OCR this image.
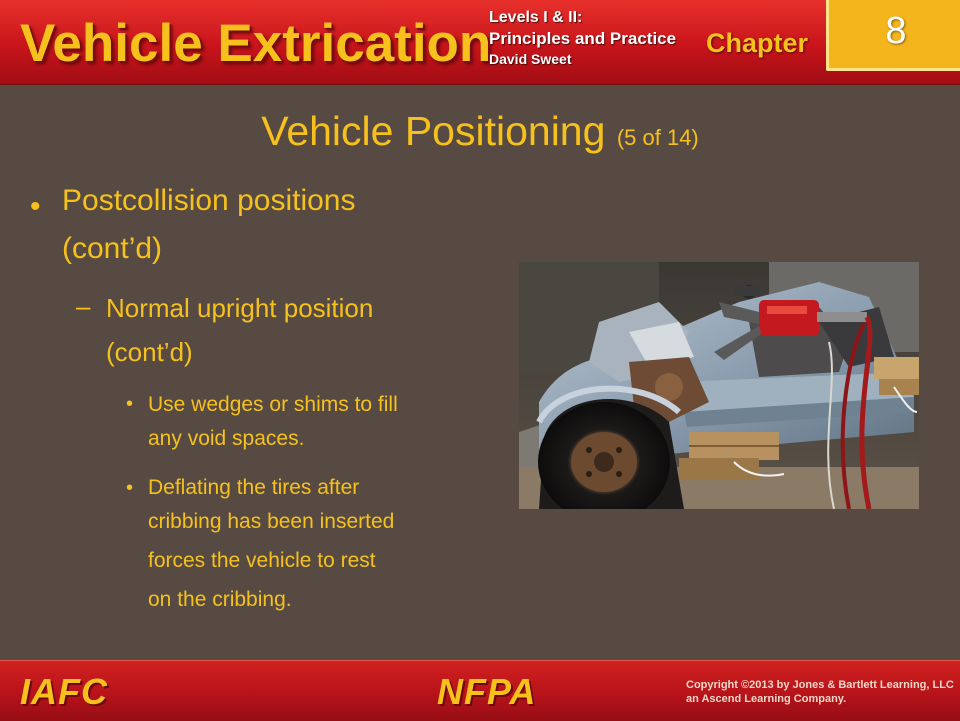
Vehicle Extrication
Levels I & II:
Principles and Practice
David Sweet
Chapter	8
Vehicle Positioning (5 of 14)
• Postcollision positions
(cont’d)
– Normal upright position
(cont’d)
• Use wedges or shims to fill
any void spaces.
• Deflating the tires after
cribbing has been inserted
forces the vehicle to rest
on the cribbing.
IAFC	NFPA	Copyright ©2013 by Jones & Bartlett Learning, LLC
an Ascend Learning Company.
